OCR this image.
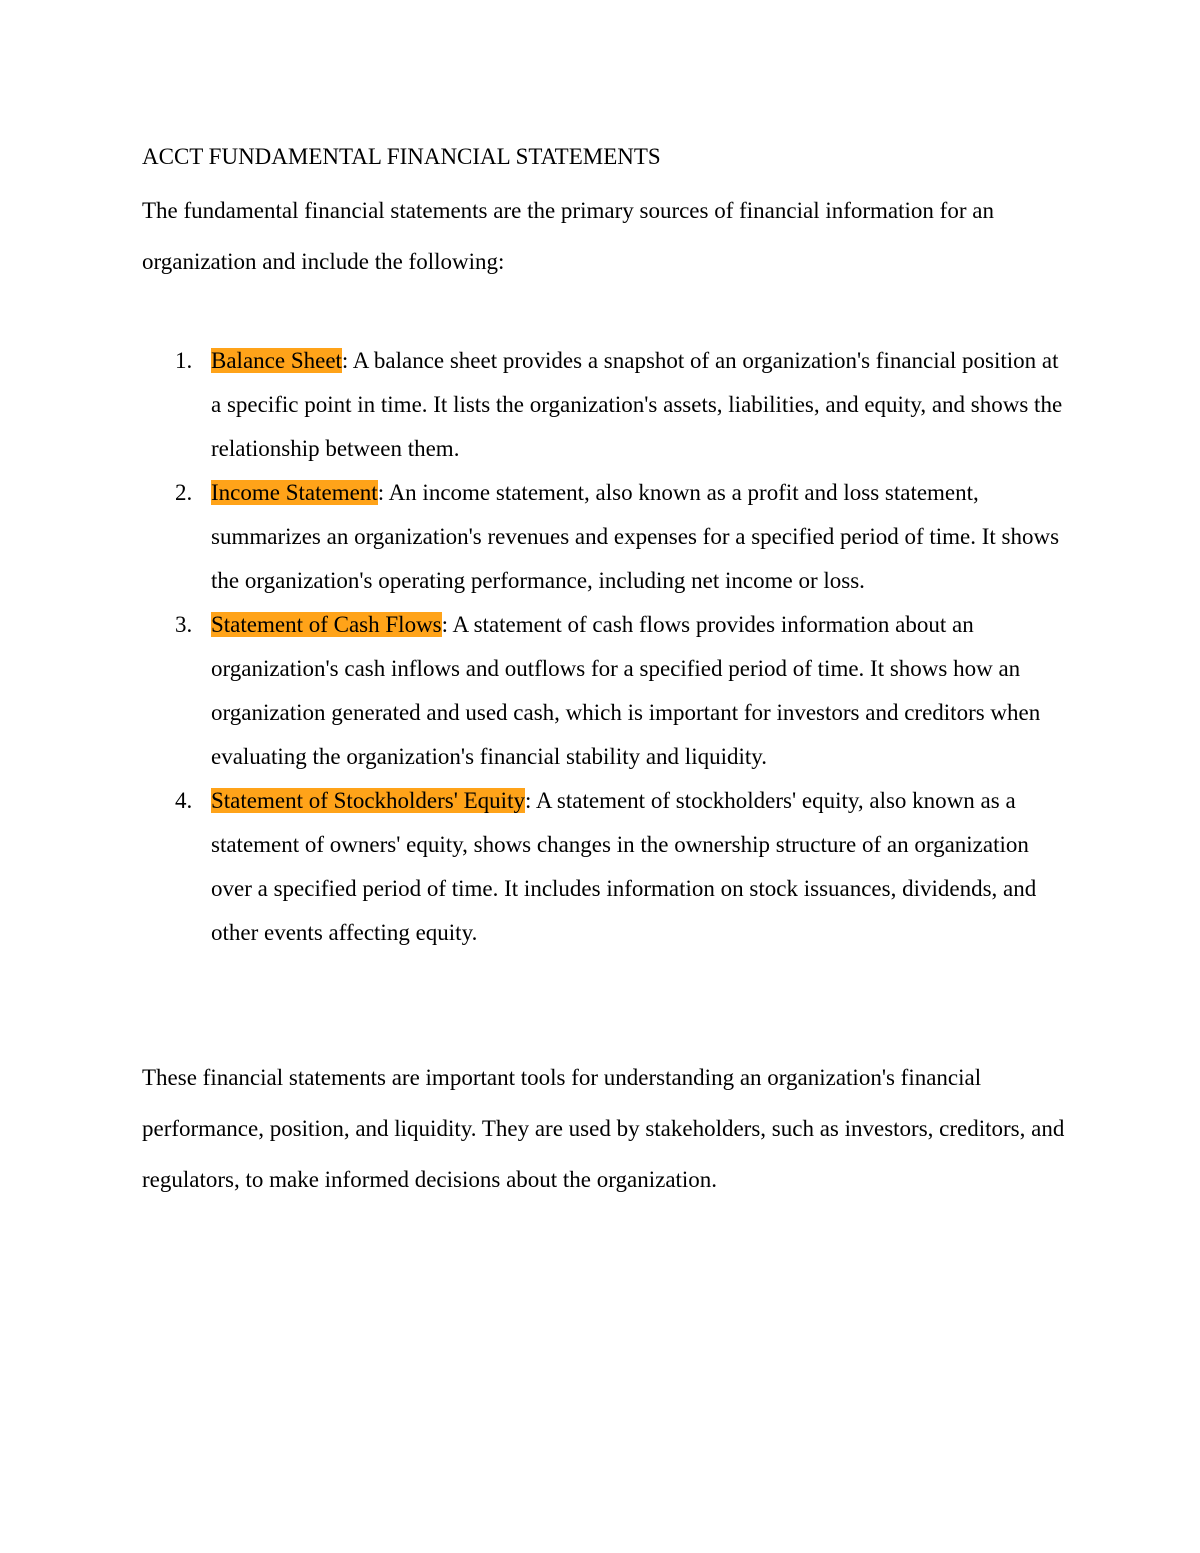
ACCT FUNDAMENTAL FINANCIAL STATEMENTS

The fundamental financial statements are the primary sources of financial information for an organization and include the following:

1. Balance Sheet: A balance sheet provides a snapshot of an organization's financial position at a specific point in time. It lists the organization's assets, liabilities, and equity, and shows the relationship between them.
2. Income Statement: An income statement, also known as a profit and loss statement, summarizes an organization's revenues and expenses for a specified period of time. It shows the organization's operating performance, including net income or loss.
3. Statement of Cash Flows: A statement of cash flows provides information about an organization's cash inflows and outflows for a specified period of time. It shows how an organization generated and used cash, which is important for investors and creditors when evaluating the organization's financial stability and liquidity.
4. Statement of Stockholders' Equity: A statement of stockholders' equity, also known as a statement of owners' equity, shows changes in the ownership structure of an organization over a specified period of time. It includes information on stock issuances, dividends, and other events affecting equity.

These financial statements are important tools for understanding an organization's financial performance, position, and liquidity. They are used by stakeholders, such as investors, creditors, and regulators, to make informed decisions about the organization.
